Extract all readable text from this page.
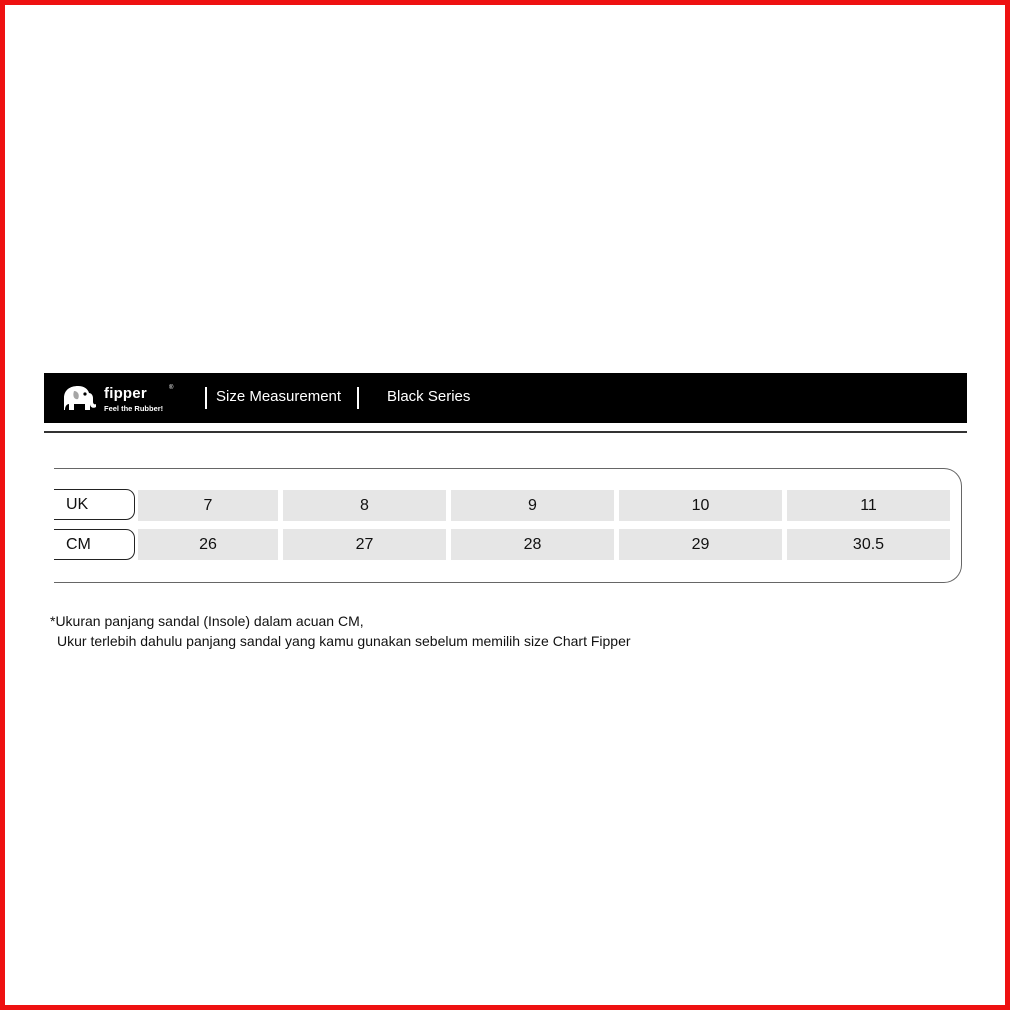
fipper	®
Feel the Rubber!
Size Measurement	Black Series
UK	7	8	9	10	11
CM	26	27	28	29	30.5
*Ukuran panjang sandal (Insole) dalam acuan CM,
Ukur terlebih dahulu panjang sandal yang kamu gunakan sebelum memilih size Chart Fipper
